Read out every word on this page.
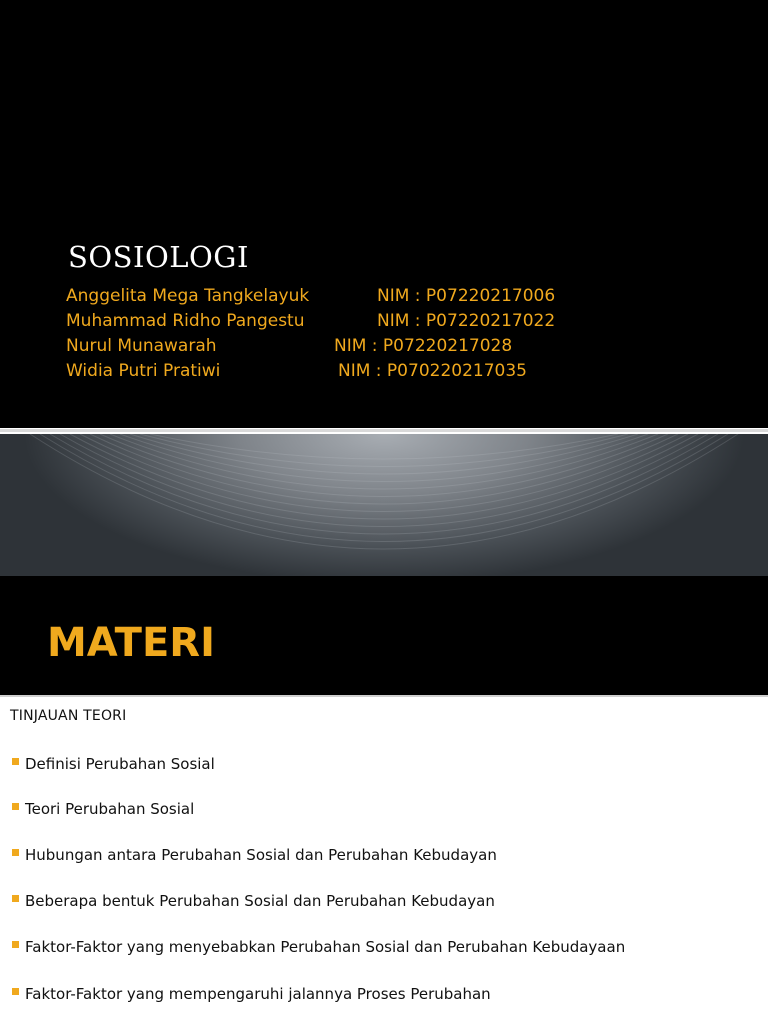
SOSIOLOGI
Anggelita Mega Tangkelayuk	NIM : P07220217006
Muhammad Ridho Pangestu	NIM : P07220217022
Nurul Munawarah	NIM : P07220217028
Widia Putri Pratiwi	NIM : P070220217035
MATERI
TINJAUAN TEORI
Definisi Perubahan Sosial
Teori Perubahan Sosial
Hubungan antara Perubahan Sosial dan Perubahan Kebudayan
Beberapa bentuk Perubahan Sosial dan Perubahan Kebudayan
Faktor-Faktor yang menyebabkan Perubahan Sosial dan Perubahan Kebudayaan
Faktor-Faktor yang mempengaruhi jalannya Proses Perubahan
